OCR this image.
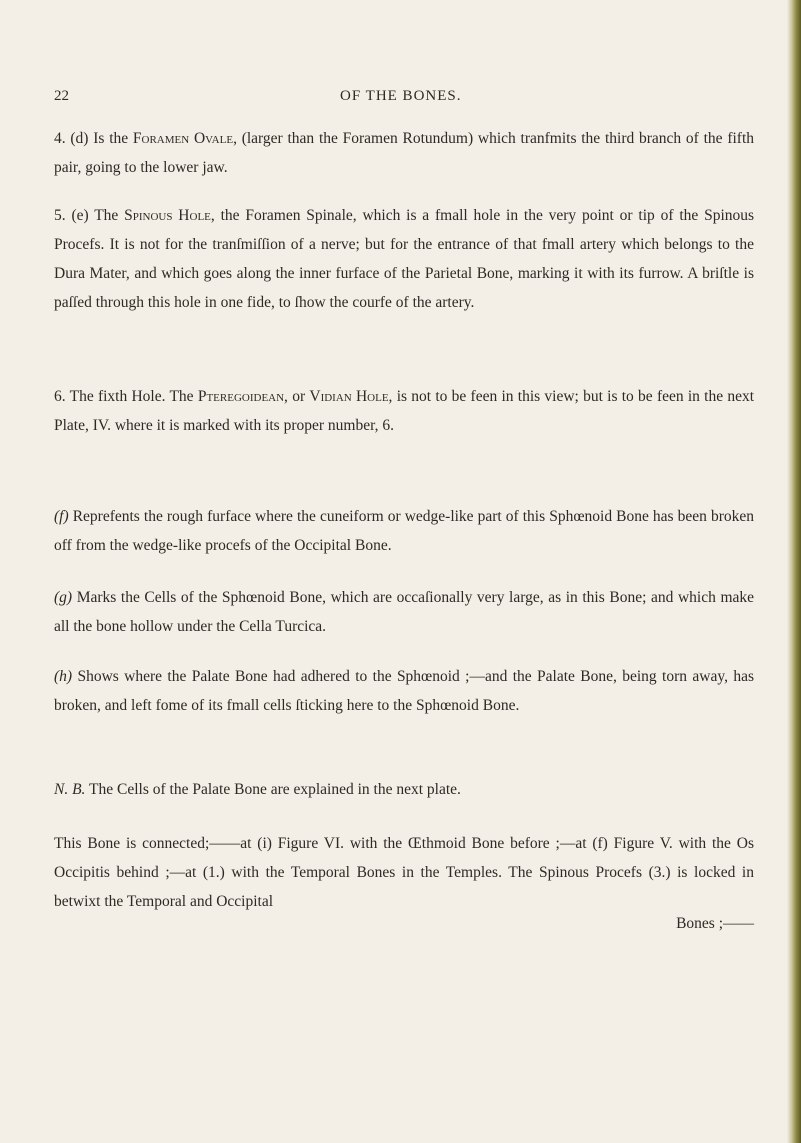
22	OF THE BONES.

4. (d) Is the Foramen Ovale, (larger than the Foramen Rotundum) which tranfmits the third branch of the fifth pair, going to the lower jaw.

5. (e) The Spinous Hole, the Foramen Spinale, which is a fmall hole in the very point or tip of the Spinous Procefs. It is not for the tranſmiſſion of a nerve; but for the entrance of that fmall artery which belongs to the Dura Mater, and which goes along the inner furface of the Parietal Bone, marking it with its furrow. A briſtle is paſſed through this hole in one fide, to ſhow the courfe of the artery.

6. The fixth Hole. The Pteregoidean, or Vidian Hole, is not to be feen in this view; but is to be feen in the next Plate, IV. where it is marked with its proper number, 6.

(f) Reprefents the rough furface where the cuneiform or wedge-like part of this Sphœnoid Bone has been broken off from the wedge-like procefs of the Occipital Bone.

(g) Marks the Cells of the Sphœnoid Bone, which are occaſionally very large, as in this Bone; and which make all the bone hollow under the Cella Turcica.

(h) Shows where the Palate Bone had adhered to the Sphœnoid ;—and the Palate Bone, being torn away, has broken, and left fome of its fmall cells ſticking here to the Sphœnoid Bone.

N. B. The Cells of the Palate Bone are explained in the next plate.

This Bone is connected;——at (i) Figure VI. with the Œthmoid Bone before ;—at (f) Figure V. with the Os Occipitis behind ;—at (1.) with the Temporal Bones in the Temples. The Spinous Procefs (3.) is locked in betwixt the Temporal and Occipital

Bones ;——
